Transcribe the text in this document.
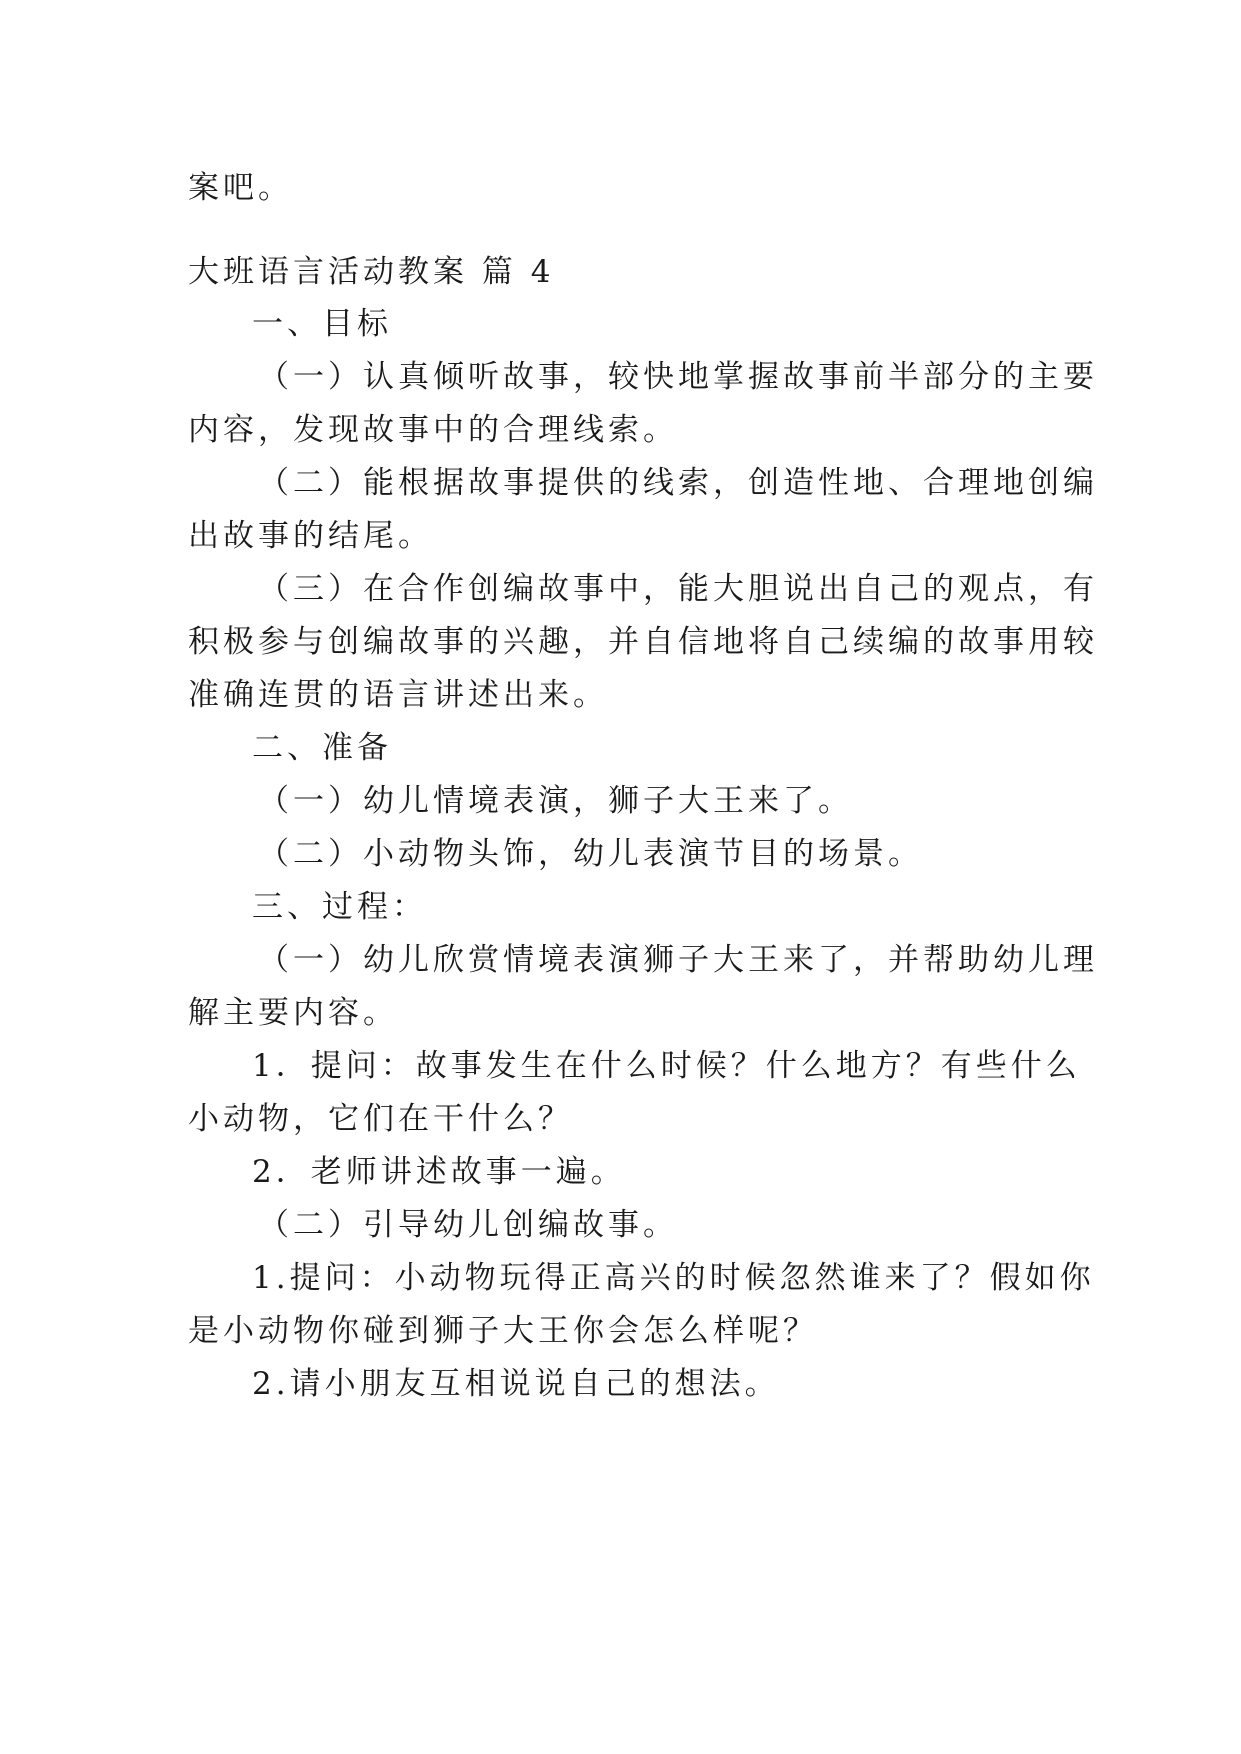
案吧。
大班语言活动教案 篇 4
一、目标
（一）认真倾听故事，较快地掌握故事前半部分的主要
内容，发现故事中的合理线索。
（二）能根据故事提供的线索，创造性地、合理地创编
出故事的结尾。
（三）在合作创编故事中，能大胆说出自己的观点，有
积极参与创编故事的兴趣，并自信地将自己续编的故事用较
准确连贯的语言讲述出来。
二、准备
（一）幼儿情境表演，狮子大王来了。
（二）小动物头饰，幼儿表演节目的场景。
三、过程：
（一）幼儿欣赏情境表演狮子大王来了，并帮助幼儿理
解主要内容。
1．提问：故事发生在什么时候？什么地方？有些什么
小动物，它们在干什么？
2．老师讲述故事一遍。
（二）引导幼儿创编故事。
1.提问：小动物玩得正高兴的时候忽然谁来了？假如你
是小动物你碰到狮子大王你会怎么样呢？
2.请小朋友互相说说自己的想法。
